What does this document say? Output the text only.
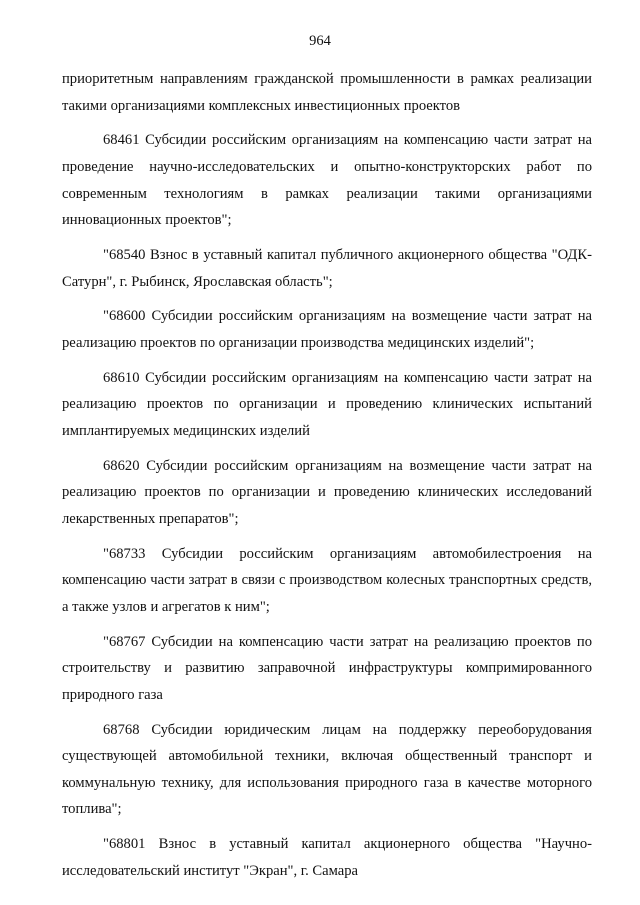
964

приоритетным направлениям гражданской промышленности в рамках реализации такими организациями комплексных инвестиционных проектов

68461 Субсидии российским организациям на компенсацию части затрат на проведение научно-исследовательских и опытно-конструкторских работ по современным технологиям в рамках реализации такими организациями инновационных проектов";

"68540 Взнос в уставный капитал публичного акционерного общества "ОДК-Сатурн", г. Рыбинск, Ярославская область";

"68600 Субсидии российским организациям на возмещение части затрат на реализацию проектов по организации производства медицинских изделий";

68610 Субсидии российским организациям на компенсацию части затрат на реализацию проектов по организации и проведению клинических испытаний имплантируемых медицинских изделий

68620 Субсидии российским организациям на возмещение части затрат на реализацию проектов по организации и проведению клинических исследований лекарственных препаратов";

"68733 Субсидии российским организациям автомобилестроения на компенсацию части затрат в связи с производством колесных транспортных средств, а также узлов и агрегатов к ним";

"68767 Субсидии на компенсацию части затрат на реализацию проектов по строительству и развитию заправочной инфраструктуры компримированного природного газа

68768 Субсидии юридическим лицам на поддержку переоборудования существующей автомобильной техники, включая общественный транспорт и коммунальную технику, для использования природного газа в качестве моторного топлива";

"68801 Взнос в уставный капитал акционерного общества "Научно-исследовательский институт "Экран", г. Самара
